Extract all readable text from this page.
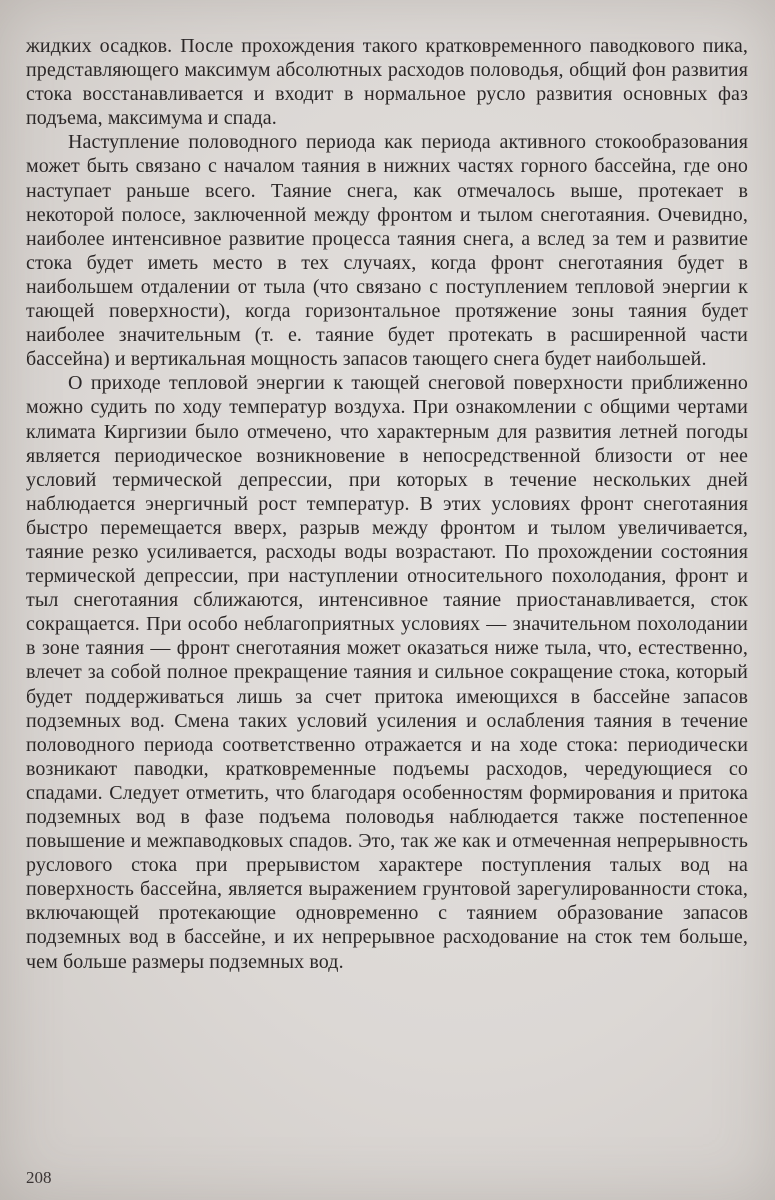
жидких осадков. После прохождения такого кратковременного паводкового пика, представляющего максимум абсолютных расходов половодья, общий фон развития стока восстанавливается и входит в нормальное русло развития основных фаз подъема, максимума и спада.

Наступление половодного периода как периода активного стокообразования может быть связано с началом таяния в нижних частях горного бассейна, где оно наступает раньше всего. Таяние снега, как отмечалось выше, протекает в некоторой полосе, заключенной между фронтом и тылом снеготаяния. Очевидно, наиболее интенсивное развитие процесса таяния снега, а вслед за тем и развитие стока будет иметь место в тех случаях, когда фронт снеготаяния будет в наибольшем отдалении от тыла (что связано с поступлением тепловой энергии к тающей поверхности), когда горизонтальное протяжение зоны таяния будет наиболее значительным (т. е. таяние будет протекать в расширенной части бассейна) и вертикальная мощность запасов тающего снега будет наибольшей.

О приходе тепловой энергии к тающей снеговой поверхности приближенно можно судить по ходу температур воздуха. При ознакомлении с общими чертами климата Киргизии было отмечено, что характерным для развития летней погоды является периодическое возникновение в непосредственной близости от нее условий термической депрессии, при которых в течение нескольких дней наблюдается энергичный рост температур. В этих условиях фронт снеготаяния быстро перемещается вверх, разрыв между фронтом и тылом увеличивается, таяние резко усиливается, расходы воды возрастают. По прохождении состояния термической депрессии, при наступлении относительного похолодания, фронт и тыл снеготаяния сближаются, интенсивное таяние приостанавливается, сток сокращается. При особо неблагоприятных условиях — значительном похолодании в зоне таяния — фронт снеготаяния может оказаться ниже тыла, что, естественно, влечет за собой полное прекращение таяния и сильное сокращение стока, который будет поддерживаться лишь за счет притока имеющихся в бассейне запасов подземных вод. Смена таких условий усиления и ослабления таяния в течение половодного периода соответственно отражается и на ходе стока: периодически возникают паводки, кратковременные подъемы расходов, чередующиеся со спадами. Следует отметить, что благодаря особенностям формирования и притока подземных вод в фазе подъема половодья наблюдается также постепенное повышение и межпаводковых спадов. Это, так же как и отмеченная непрерывность руслового стока при прерывистом характере поступления талых вод на поверхность бассейна, является выражением грунтовой зарегулированности стока, включающей протекающие одновременно с таянием образование запасов подземных вод в бассейне, и их непрерывное расходование на сток тем больше, чем больше размеры подземных вод.

208
